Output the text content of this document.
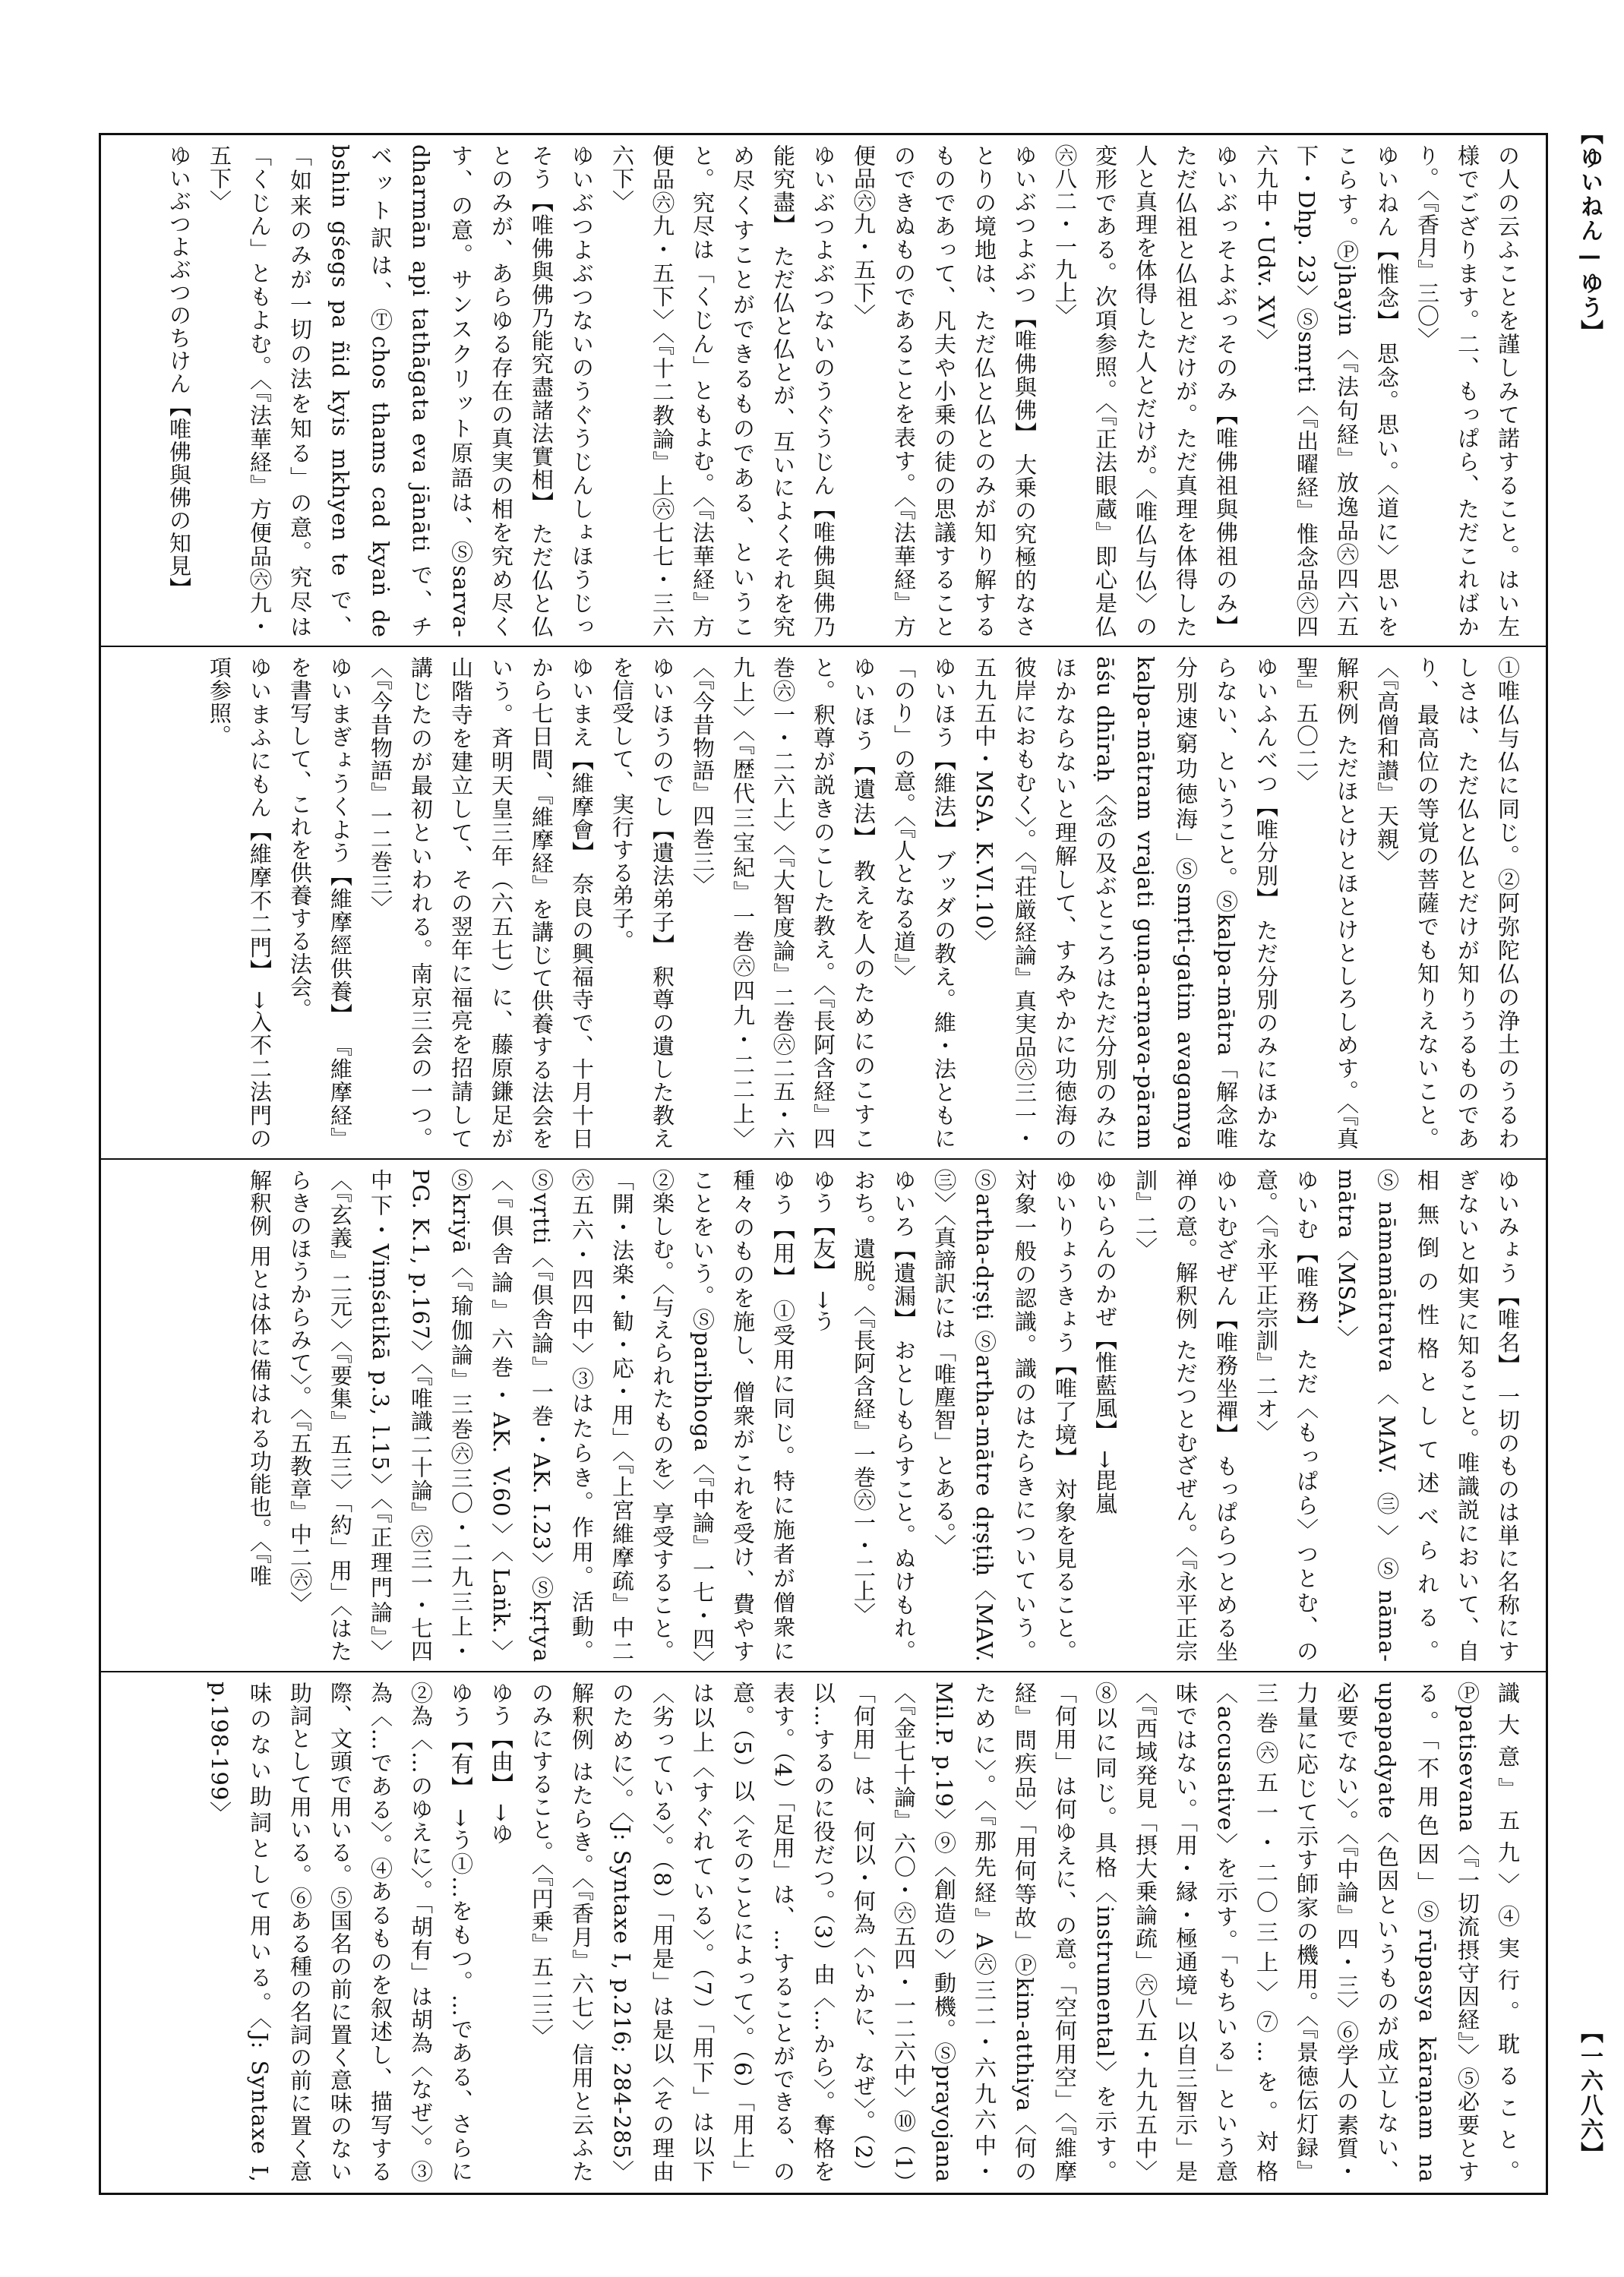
【ゆいねん—ゆう】
【一六八六】

の人の云ふことを謹しみて諾すること。はい左様でござります。二、もっぱら、ただこればかり。〈『香月』三〇〉

ゆいねん【惟念】 思念。思い。〈道に〉思いをこらす。Ⓟjhayin〈『法句経』放逸品㊅四六五下・Dhp. 23〉Ⓢsmṛti〈『出曜経』惟念品㊅四六九中・Udv. XV〉

ゆいぶっそよぶっそのみ【唯佛祖與佛祖のみ】 ただ仏祖と仏祖とだけが。ただ真理を体得した人と真理を体得した人とだけが。〈唯仏与仏〉の変形である。次項参照。〈『正法眼蔵』即心是仏㊅八二・一九上〉

ゆいぶつよぶつ【唯佛與佛】 大乗の究極的なさとりの境地は、ただ仏と仏とのみが知り解するものであって、凡夫や小乗の徒の思議することのできぬものであることを表す。〈『法華経』方便品㊅九・五下〉

ゆいぶつよぶつないのうぐうじん【唯佛與佛乃能究盡】 ただ仏と仏とが、互いによくそれを究め尽くすことができるものである、ということ。究尽は「くじん」ともよむ。〈『法華経』方便品㊅九・五下〉〈『十二教論』上㊅七七・三六六下〉

ゆいぶつよぶつないのうぐうじんしょほうじっそう【唯佛與佛乃能究盡諸法實相】 ただ仏と仏とのみが、あらゆる存在の真実の相を究め尽くす、の意。サンスクリット原語は、Ⓢsarva-dharmān api tathāgata eva jānāti で、チベット訳は、Ⓣchos thams cad kyaṅ de bshin gśegs pa ñid kyis mkhyen te で、「如来のみが一切の法を知る」の意。究尽は「くじん」ともよむ。〈『法華経』方便品㊅九・五下〉

ゆいぶつよぶつのちけん【唯佛與佛の知見】

①唯仏与仏に同じ。②阿弥陀仏の浄土のうるわしさは、ただ仏と仏とだけが知りうるものであり、最高位の等覚の菩薩でも知りえないこと。〈『高僧和讃』天親〉

解釈例 ただほとけとほとけとしろしめす。〈『真聖』五〇二〉

ゆいふんべつ【唯分別】 ただ分別のみにほかならない、ということ。Ⓢkalpa-mātra「解念唯分別速窮功徳海」Ⓢsmṛti-gatim avagamya kalpa-mātram vrajati guṇa-arṇava-pāram āśu dhīraḥ〈念の及ぶところはただ分別のみにほかならないと理解して、すみやかに功徳海の彼岸におもむく〉。〈『荘厳経論』真実品㊅三一・五九五中・MSA. K.VI.10〉

ゆいほう【維法】 ブッダの教え。維・法ともに「のり」の意。〈『人となる道』〉

ゆいほう【遺法】 教えを人のためにのこすこと。釈尊が説きのこした教え。〈『長阿含経』四巻㊅一・二六上〉〈『大智度論』二巻㊅二五・六九上〉〈『歴代三宝紀』一巻㊅四九・二二上〉〈『今昔物語』四巻三〉

ゆいほうのでし【遺法弟子】 釈尊の遺した教えを信受して、実行する弟子。

ゆいまえ【維摩會】 奈良の興福寺で、十月十日から七日間、『維摩経』を講じて供養する法会をいう。斉明天皇三年（六五七）に、藤原鎌足が山階寺を建立して、その翌年に福亮を招請して講じたのが最初といわれる。南京三会の一つ。〈『今昔物語』一二巻三〉

ゆいまぎょうくよう【維摩經供養】 『維摩経』を書写して、これを供養する法会。

ゆいまふにもん【維摩不二門】 →入不二法門の項参照。

ゆいみょう【唯名】 一切のものは単に名称にすぎないと如実に知ること。唯識説において、自相無倒の性格として述べられる。Ⓢnāmamātratva〈MAV. ㊂〉Ⓢnāma-mātra〈MSA.〉

ゆいむ【唯務】 ただ〈もっぱら〉つとむ、の意。〈『永平正宗訓』二オ〉

ゆいむざぜん【唯務坐禪】 もっぱらつとめる坐禅の意。解釈例 ただつとむざぜん。〈『永平正宗訓』二〉

ゆいらんのかぜ【惟藍風】 →毘嵐

ゆいりょうきょう【唯了境】 対象を見ること。対象一般の認識。識のはたらきについていう。Ⓢartha-dṛṣṭi Ⓢartha-mātre dṛṣṭiḥ〈MAV. ㊂〉〈真諦訳には「唯塵智」とある。〉

ゆいろ【遺漏】 おとしもらすこと。ぬけもれ。おち。遺脱。〈『長阿含経』一巻㊅一・二上〉

ゆう【友】 →う

ゆう【用】 ①受用に同じ。特に施者が僧衆に種々のものを施し、僧衆がこれを受け、費やすことをいう。Ⓢparibhoga〈『中論』一七・四〉②楽しむ。〈与えられたものを〉享受すること。「開・法楽・勧・応・用」〈『上宮維摩疏』中二㊅五六・四四中〉③はたらき。作用。活動。Ⓢvṛtti〈『倶舎論』一巻・AK. I.23〉Ⓢkṛtya〈『倶舎論』六巻・AK. V.60〉〈Laṅk.〉Ⓢkriyā〈『瑜伽論』三巻㊅三〇・二九三上・PG. K.1, p.167〉〈『唯識二十論』㊅三一・七四中下・Viṃśatikā p.3, l.15〉〈『正理門論』〉〈『玄義』二元〉〈『要集』五三〉「約」用」〈はたらきのほうからみて〉。〈『五教章』中二㊅〉

解釈例 用とは体に備はれる功能也。〈『唯

識大意』五九〉④実行。耽ること。Ⓟpatisevana〈『一切流摂守因経』〉⑤必要とする。「不用色因」Ⓢrūpasya kāraṇam na upapadyate〈色因というものが成立しない、必要でない〉。〈『中論』四・三〉⑥学人の素質・力量に応じて示す師家の機用。〈『景徳伝灯録』三巻㊅五一・二〇三上〉⑦…を。対格〈accusative〉を示す。「もちいる」という意味ではない。「用・縁・極通境」以自三智示」是〈『西域発見「摂大乗論疏」㊅八五・九九五中〉⑧以に同じ。具格〈instrumental〉を示す。「何用」は何ゆえに、の意。「空何用空」〈『維摩経』問疾品〉「用何等故」Ⓟkim-atthiya〈何のために〉。〈『那先経』A㊅三二・六九六中・Mil.P. p.19〉⑨〈創造の〉動機。Ⓢprayojana〈『金七十論』六〇・㊅五四・一二六中〉⑩（1）「何用」は、何以・何為〈いかに、なぜ〉。（2）以…するのに役だつ。（3）由〈…から〉。奪格を表す。（4）「足用」は、…することができる、の意。（5）以〈そのことによって〉。（6）「用上」は以上〈すぐれている〉。（7）「用下」は以下〈劣っている〉。（8）「用是」は是以〈その理由のために〉。〈J: Syntaxe I, p.216; 284-285〉解釈例 はたらき。〈『香月』六七〉信用と云ふたのみにすること。〈『円乗』五二三〉

ゆう【由】 →ゆ

ゆう【有】 →う①…をもつ。…である、さらに②為〈…のゆえに〉。「胡有」は胡為〈なぜ〉。③為〈…である〉。④あるものを叙述し、描写する際、文頭で用いる。⑤国名の前に置く意味のない助詞として用いる。⑥ある種の名詞の前に置く意味のない助詞として用いる。〈J: Syntaxe I, p.198-199〉
